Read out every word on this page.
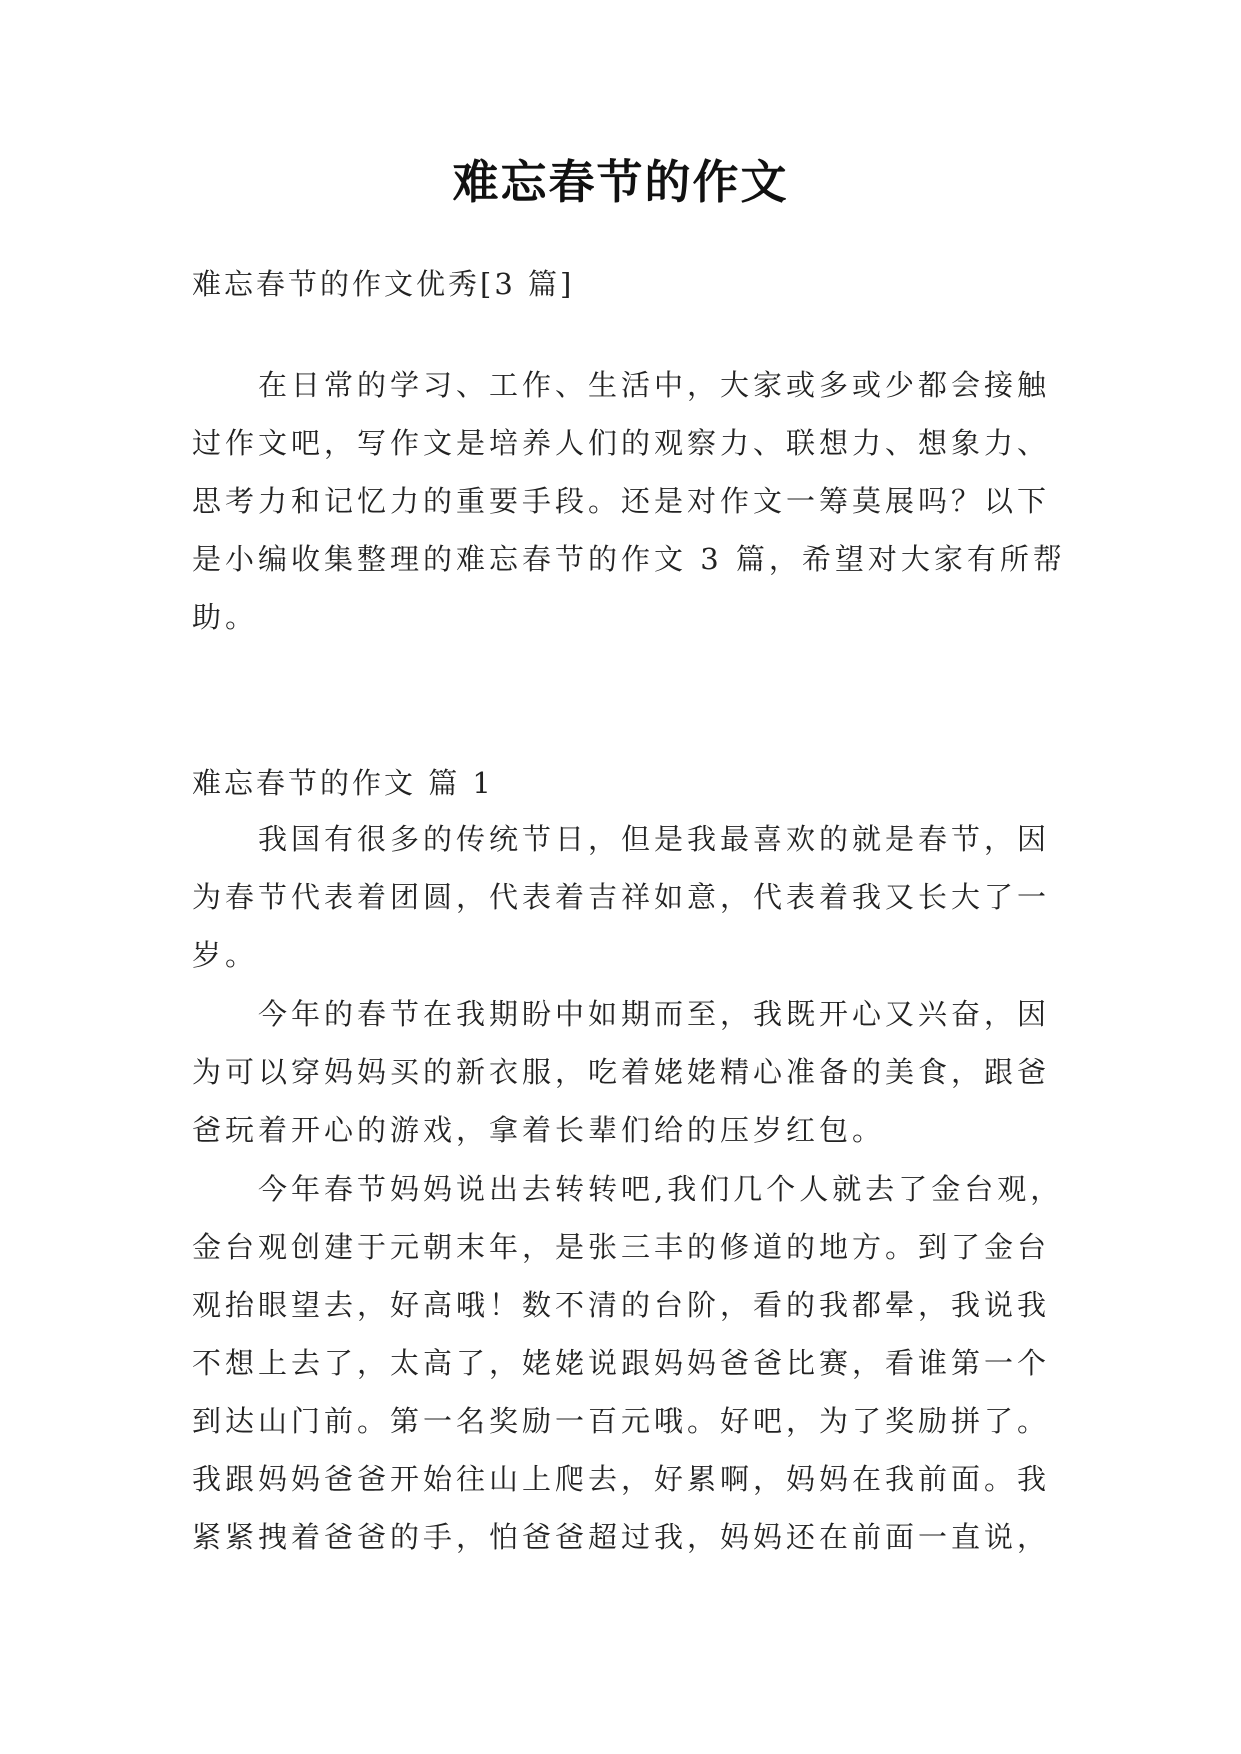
难忘春节的作文
难忘春节的作文优秀[3 篇]
　　在日常的学习、工作、生活中，大家或多或少都会接触
过作文吧，写作文是培养人们的观察力、联想力、想象力、
思考力和记忆力的重要手段。还是对作文一筹莫展吗？以下
是小编收集整理的难忘春节的作文 3 篇，希望对大家有所帮
助。
难忘春节的作文 篇 1
　　我国有很多的传统节日，但是我最喜欢的就是春节，因
为春节代表着团圆，代表着吉祥如意，代表着我又长大了一
岁。
　　今年的春节在我期盼中如期而至，我既开心又兴奋，因
为可以穿妈妈买的新衣服，吃着姥姥精心准备的美食，跟爸
爸玩着开心的游戏，拿着长辈们给的压岁红包。
　　今年春节妈妈说出去转转吧,我们几个人就去了金台观，
金台观创建于元朝末年，是张三丰的修道的地方。到了金台
观抬眼望去，好高哦！数不清的台阶，看的我都晕，我说我
不想上去了，太高了，姥姥说跟妈妈爸爸比赛，看谁第一个
到达山门前。第一名奖励一百元哦。好吧，为了奖励拼了。
我跟妈妈爸爸开始往山上爬去，好累啊，妈妈在我前面。我
紧紧拽着爸爸的手，怕爸爸超过我，妈妈还在前面一直说，
